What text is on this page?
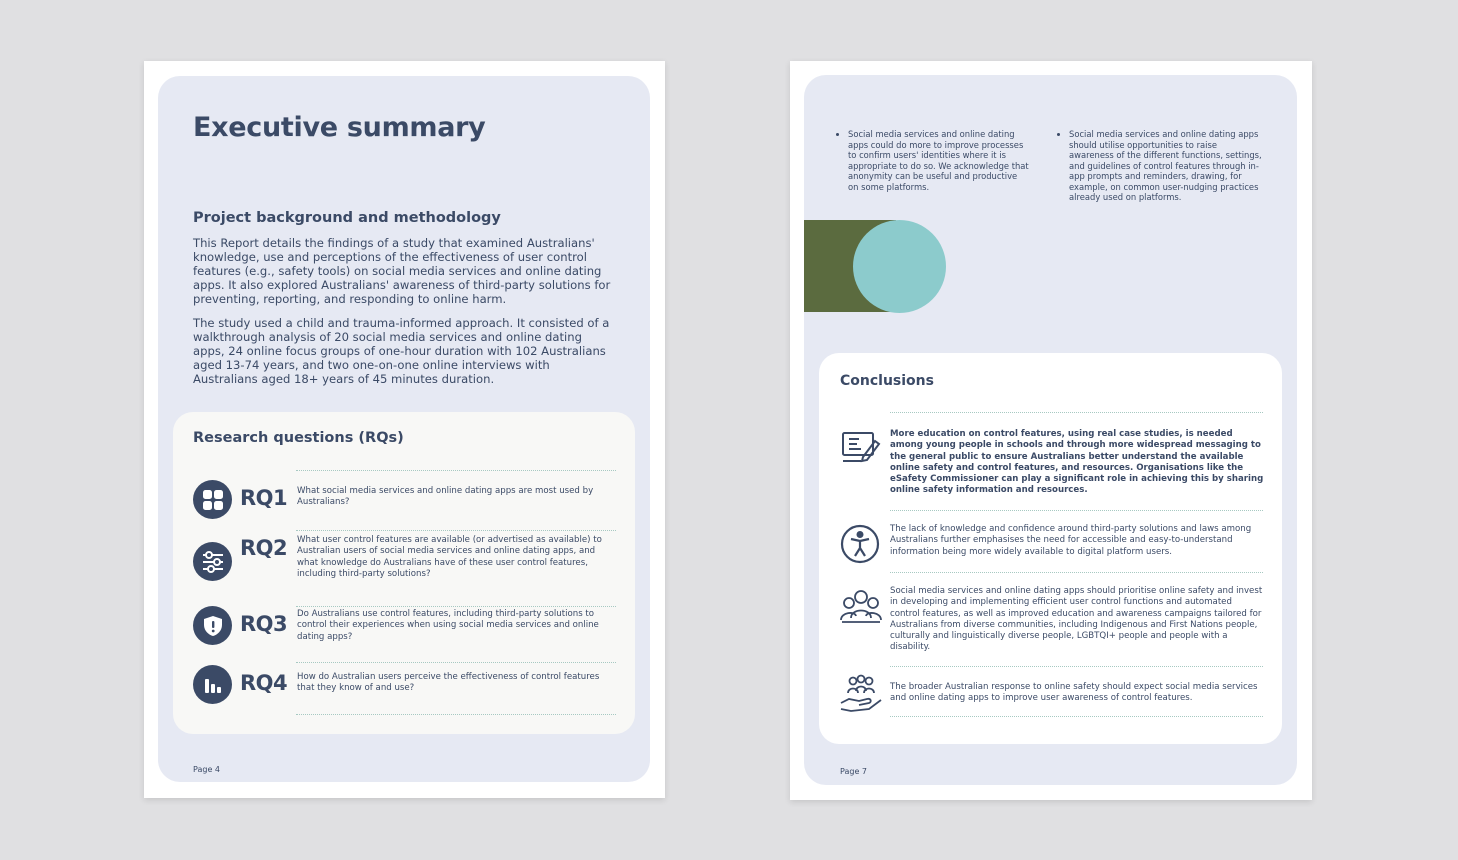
Executive summary
Project background and methodology

This Report details the findings of a study that examined Australians' knowledge, use and perceptions of the effectiveness of user control features (e.g., safety tools) on social media services and online dating apps. It also explored Australians' awareness of third-party solutions for preventing, reporting, and responding to online harm.

The study used a child and trauma-informed approach. It consisted of a walkthrough analysis of 20 social media services and online dating apps, 24 online focus groups of one-hour duration with 102 Australians aged 13-74 years, and two one-on-one online interviews with Australians aged 18+ years of 45 minutes duration.

Research questions (RQs)
RQ1 What social media services and online dating apps are most used by Australians?

RQ2 What user control features are available (or advertised as available) to Australian users of social media services and online dating apps, and what knowledge do Australians have of these user control features, including third-party solutions?

RQ3 Do Australians use control features, including third-party solutions to control their experiences when using social media services and online dating apps?

RQ4 How do Australian users perceive the effectiveness of control features that they know of and use?

Page 4
• Social media services and online dating apps could do more to improve processes to confirm users' identities where it is appropriate to do so. We acknowledge that anonymity can be useful and productive on some platforms.
• Social media services and online dating apps should utilise opportunities to raise awareness of the different functions, settings, and guidelines of control features through in-app prompts and reminders, drawing, for example, on common user-nudging practices already used on platforms.
Conclusions

More education on control features, using real case studies, is needed among young people in schools and through more widespread messaging to the general public to ensure Australians better understand the available online safety and control features, and resources. Organisations like the eSafety Commissioner can play a significant role in achieving this by sharing online safety information and resources.

The lack of knowledge and confidence around third-party solutions and laws among Australians further emphasises the need for accessible and easy-to-understand information being more widely available to digital platform users.

Social media services and online dating apps should prioritise online safety and invest in developing and implementing efficient user control functions and automated control features, as well as improved education and awareness campaigns tailored for Australians from diverse communities, including Indigenous and First Nations people, culturally and linguistically diverse people, LGBTQI+ people and people with a disability.

The broader Australian response to online safety should expect social media services and online dating apps to improve user awareness of control features.

Page 7
